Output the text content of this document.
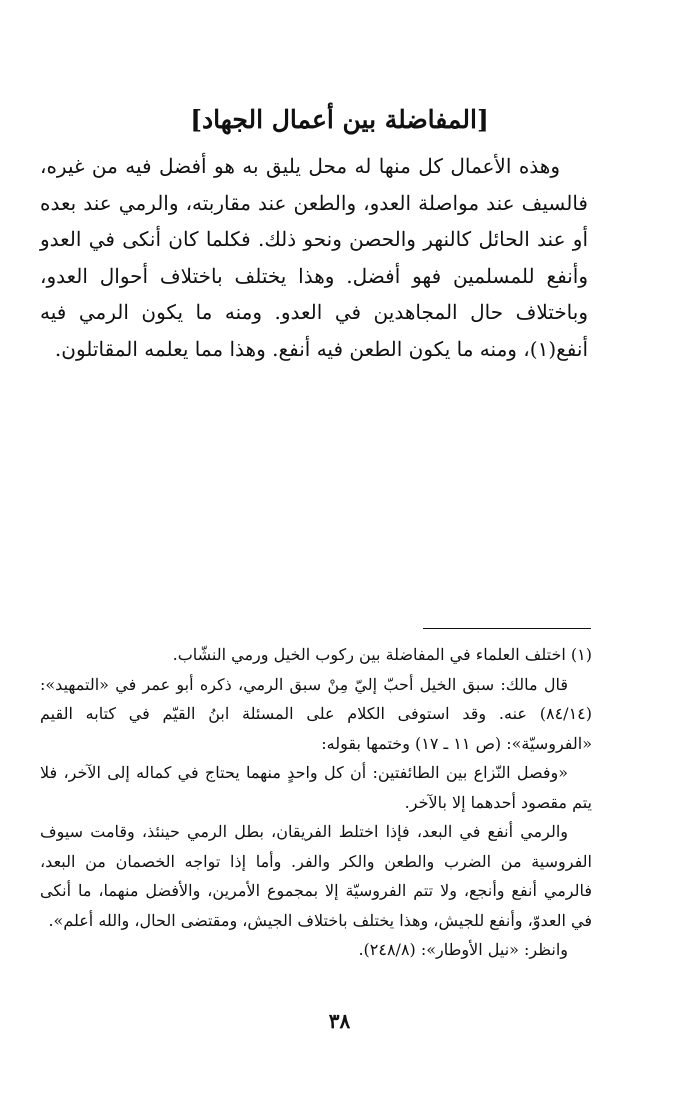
[المفاضلة بين أعمال الجهاد]

وهذه الأعمال كل منها له محل يليق به هو أفضل فيه من غيره، فالسيف عند مواصلة العدو، والطعن عند مقاربته، والرمي عند بعده أو عند الحائل كالنهر والحصن ونحو ذلك. فكلما كان أنكى في العدو وأنفع للمسلمين فهو أفضل. وهذا يختلف باختلاف أحوال العدو، وباختلاف حال المجاهدين في العدو. ومنه ما يكون الرمي فيه أنفع(١)، ومنه ما يكون الطعن فيه أنفع. وهذا مما يعلمه المقاتلون.

(١) اختلف العلماء في المفاضلة بين ركوب الخيل ورمي النشّاب.

قال مالك: سبق الخيل أحبّ إليّ مِنْ سبق الرمي، ذكره أبو عمر في «التمهيد»: (٨٤/١٤) عنه. وقد استوفى الكلام على المسئلة ابنُ القيّم في كتابه القيم «الفروسيّة»: (ص ١١ ـ ١٧) وختمها بقوله:

«وفصل النّزاع بين الطائفتين: أن كل واحدٍ منهما يحتاج في كماله إلى الآخر، فلا يتم مقصود أحدهما إلا بالآخر.

والرمي أنفع في البعد، فإذا اختلط الفريقان، بطل الرمي حينئذ، وقامت سيوف الفروسية من الضرب والطعن والكر والفر. وأما إذا تواجه الخصمان من البعد، فالرمي أنفع وأنجع، ولا تتم الفروسيّة إلا بمجموع الأمرين، والأفضل منهما، ما أنكى في العدوّ، وأنفع للجيش، وهذا يختلف باختلاف الجيش، ومقتضى الحال، والله أعلم».

وانظر: «نيل الأوطار»: (٢٤٨/٨).

٣٨
